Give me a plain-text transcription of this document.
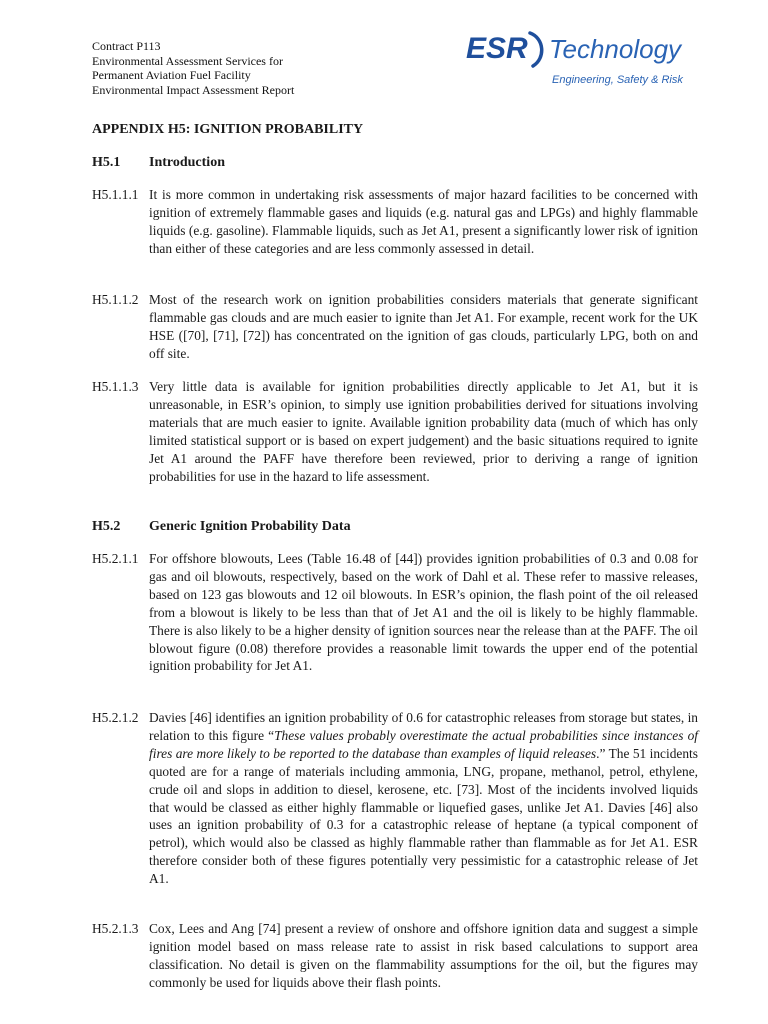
Contract P113
Environmental Assessment Services for
Permanent Aviation Fuel Facility
Environmental Impact Assessment Report
ESR Technology
Engineering, Safety & Risk
APPENDIX H5: IGNITION PROBABILITY
H5.1 Introduction
H5.1.1.1 It is more common in undertaking risk assessments of major hazard facilities to be concerned with ignition of extremely flammable gases and liquids (e.g. natural gas and LPGs) and highly flammable liquids (e.g. gasoline). Flammable liquids, such as Jet A1, present a significantly lower risk of ignition than either of these categories and are less commonly assessed in detail.
H5.1.1.2 Most of the research work on ignition probabilities considers materials that generate significant flammable gas clouds and are much easier to ignite than Jet A1. For example, recent work for the UK HSE ([70], [71], [72]) has concentrated on the ignition of gas clouds, particularly LPG, both on and off site.
H5.1.1.3 Very little data is available for ignition probabilities directly applicable to Jet A1, but it is unreasonable, in ESR’s opinion, to simply use ignition probabilities derived for situations involving materials that are much easier to ignite. Available ignition probability data (much of which has only limited statistical support or is based on expert judgement) and the basic situations required to ignite Jet A1 around the PAFF have therefore been reviewed, prior to deriving a range of ignition probabilities for use in the hazard to life assessment.
H5.2 Generic Ignition Probability Data
H5.2.1.1 For offshore blowouts, Lees (Table 16.48 of [44]) provides ignition probabilities of 0.3 and 0.08 for gas and oil blowouts, respectively, based on the work of Dahl et al. These refer to massive releases, based on 123 gas blowouts and 12 oil blowouts. In ESR’s opinion, the flash point of the oil released from a blowout is likely to be less than that of Jet A1 and the oil is likely to be highly flammable. There is also likely to be a higher density of ignition sources near the release than at the PAFF. The oil blowout figure (0.08) therefore provides a reasonable limit towards the upper end of the potential ignition probability for Jet A1.
H5.2.1.2 Davies [46] identifies an ignition probability of 0.6 for catastrophic releases from storage but states, in relation to this figure “These values probably overestimate the actual probabilities since instances of fires are more likely to be reported to the database than examples of liquid releases.” The 51 incidents quoted are for a range of materials including ammonia, LNG, propane, methanol, petrol, ethylene, crude oil and slops in addition to diesel, kerosene, etc. [73]. Most of the incidents involved liquids that would be classed as either highly flammable or liquefied gases, unlike Jet A1. Davies [46] also uses an ignition probability of 0.3 for a catastrophic release of heptane (a typical component of petrol), which would also be classed as highly flammable rather than flammable as for Jet A1. ESR therefore consider both of these figures potentially very pessimistic for a catastrophic release of Jet A1.
H5.2.1.3 Cox, Lees and Ang [74] present a review of onshore and offshore ignition data and suggest a simple ignition model based on mass release rate to assist in risk based calculations to support area classification. No detail is given on the flammability assumptions for the oil, but the figures may commonly be used for liquids above their flash points.
